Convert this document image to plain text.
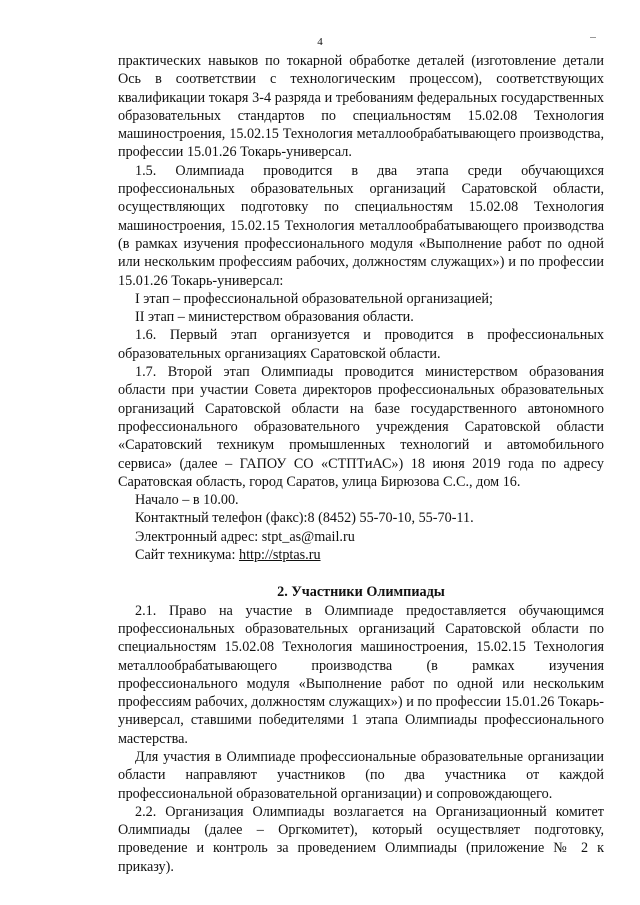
4

практических навыков по токарной обработке деталей (изготовление детали Ось в соответствии с технологическим процессом), соответствующих квалификации токаря 3-4 разряда и требованиям федеральных государственных образовательных стандартов по специальностям 15.02.08 Технология машиностроения, 15.02.15 Технология металлообрабатывающего производства, профессии 15.01.26 Токарь-универсал.

1.5. Олимпиада проводится в два этапа среди обучающихся профессиональных образовательных организаций Саратовской области, осуществляющих подготовку по специальностям 15.02.08 Технология машиностроения, 15.02.15 Технология металлообрабатывающего производства (в рамках изучения профессионального модуля «Выполнение работ по одной или нескольким профессиям рабочих, должностям служащих») и по профессии 15.01.26 Токарь-универсал:

I этап – профессиональной образовательной организацией;

II этап – министерством образования области.

1.6. Первый этап организуется и проводится в профессиональных образовательных организациях Саратовской области.

1.7. Второй этап Олимпиады проводится министерством образования области при участии Совета директоров профессиональных образовательных организаций Саратовской области на базе государственного автономного профессионального образовательного учреждения Саратовской области «Саратовский техникум промышленных технологий и автомобильного сервиса» (далее – ГАПОУ СО «СТПТиАС») 18 июня 2019 года по адресу Саратовская область, город Саратов, улица Бирюзова С.С., дом 16.

Начало – в 10.00.

Контактный телефон (факс):8 (8452) 55-70-10, 55-70-11.

Электронный адрес: stpt_as@mail.ru

Сайт техникума: http://stptas.ru

2. Участники Олимпиады

2.1. Право на участие в Олимпиаде предоставляется обучающимся профессиональных образовательных организаций Саратовской области по специальностям 15.02.08 Технология машиностроения, 15.02.15 Технология металлообрабатывающего производства (в рамках изучения профессионального модуля «Выполнение работ по одной или нескольким профессиям рабочих, должностям служащих») и по профессии 15.01.26 Токарь-универсал, ставшими победителями 1 этапа Олимпиады профессионального мастерства.

Для участия в Олимпиаде профессиональные образовательные организации области направляют участников (по два участника от каждой профессиональной образовательной организации) и сопровождающего.

2.2. Организация Олимпиады возлагается на Организационный комитет Олимпиады (далее – Оргкомитет), который осуществляет подготовку, проведение и контроль за проведением Олимпиады (приложение № 2 к приказу).
